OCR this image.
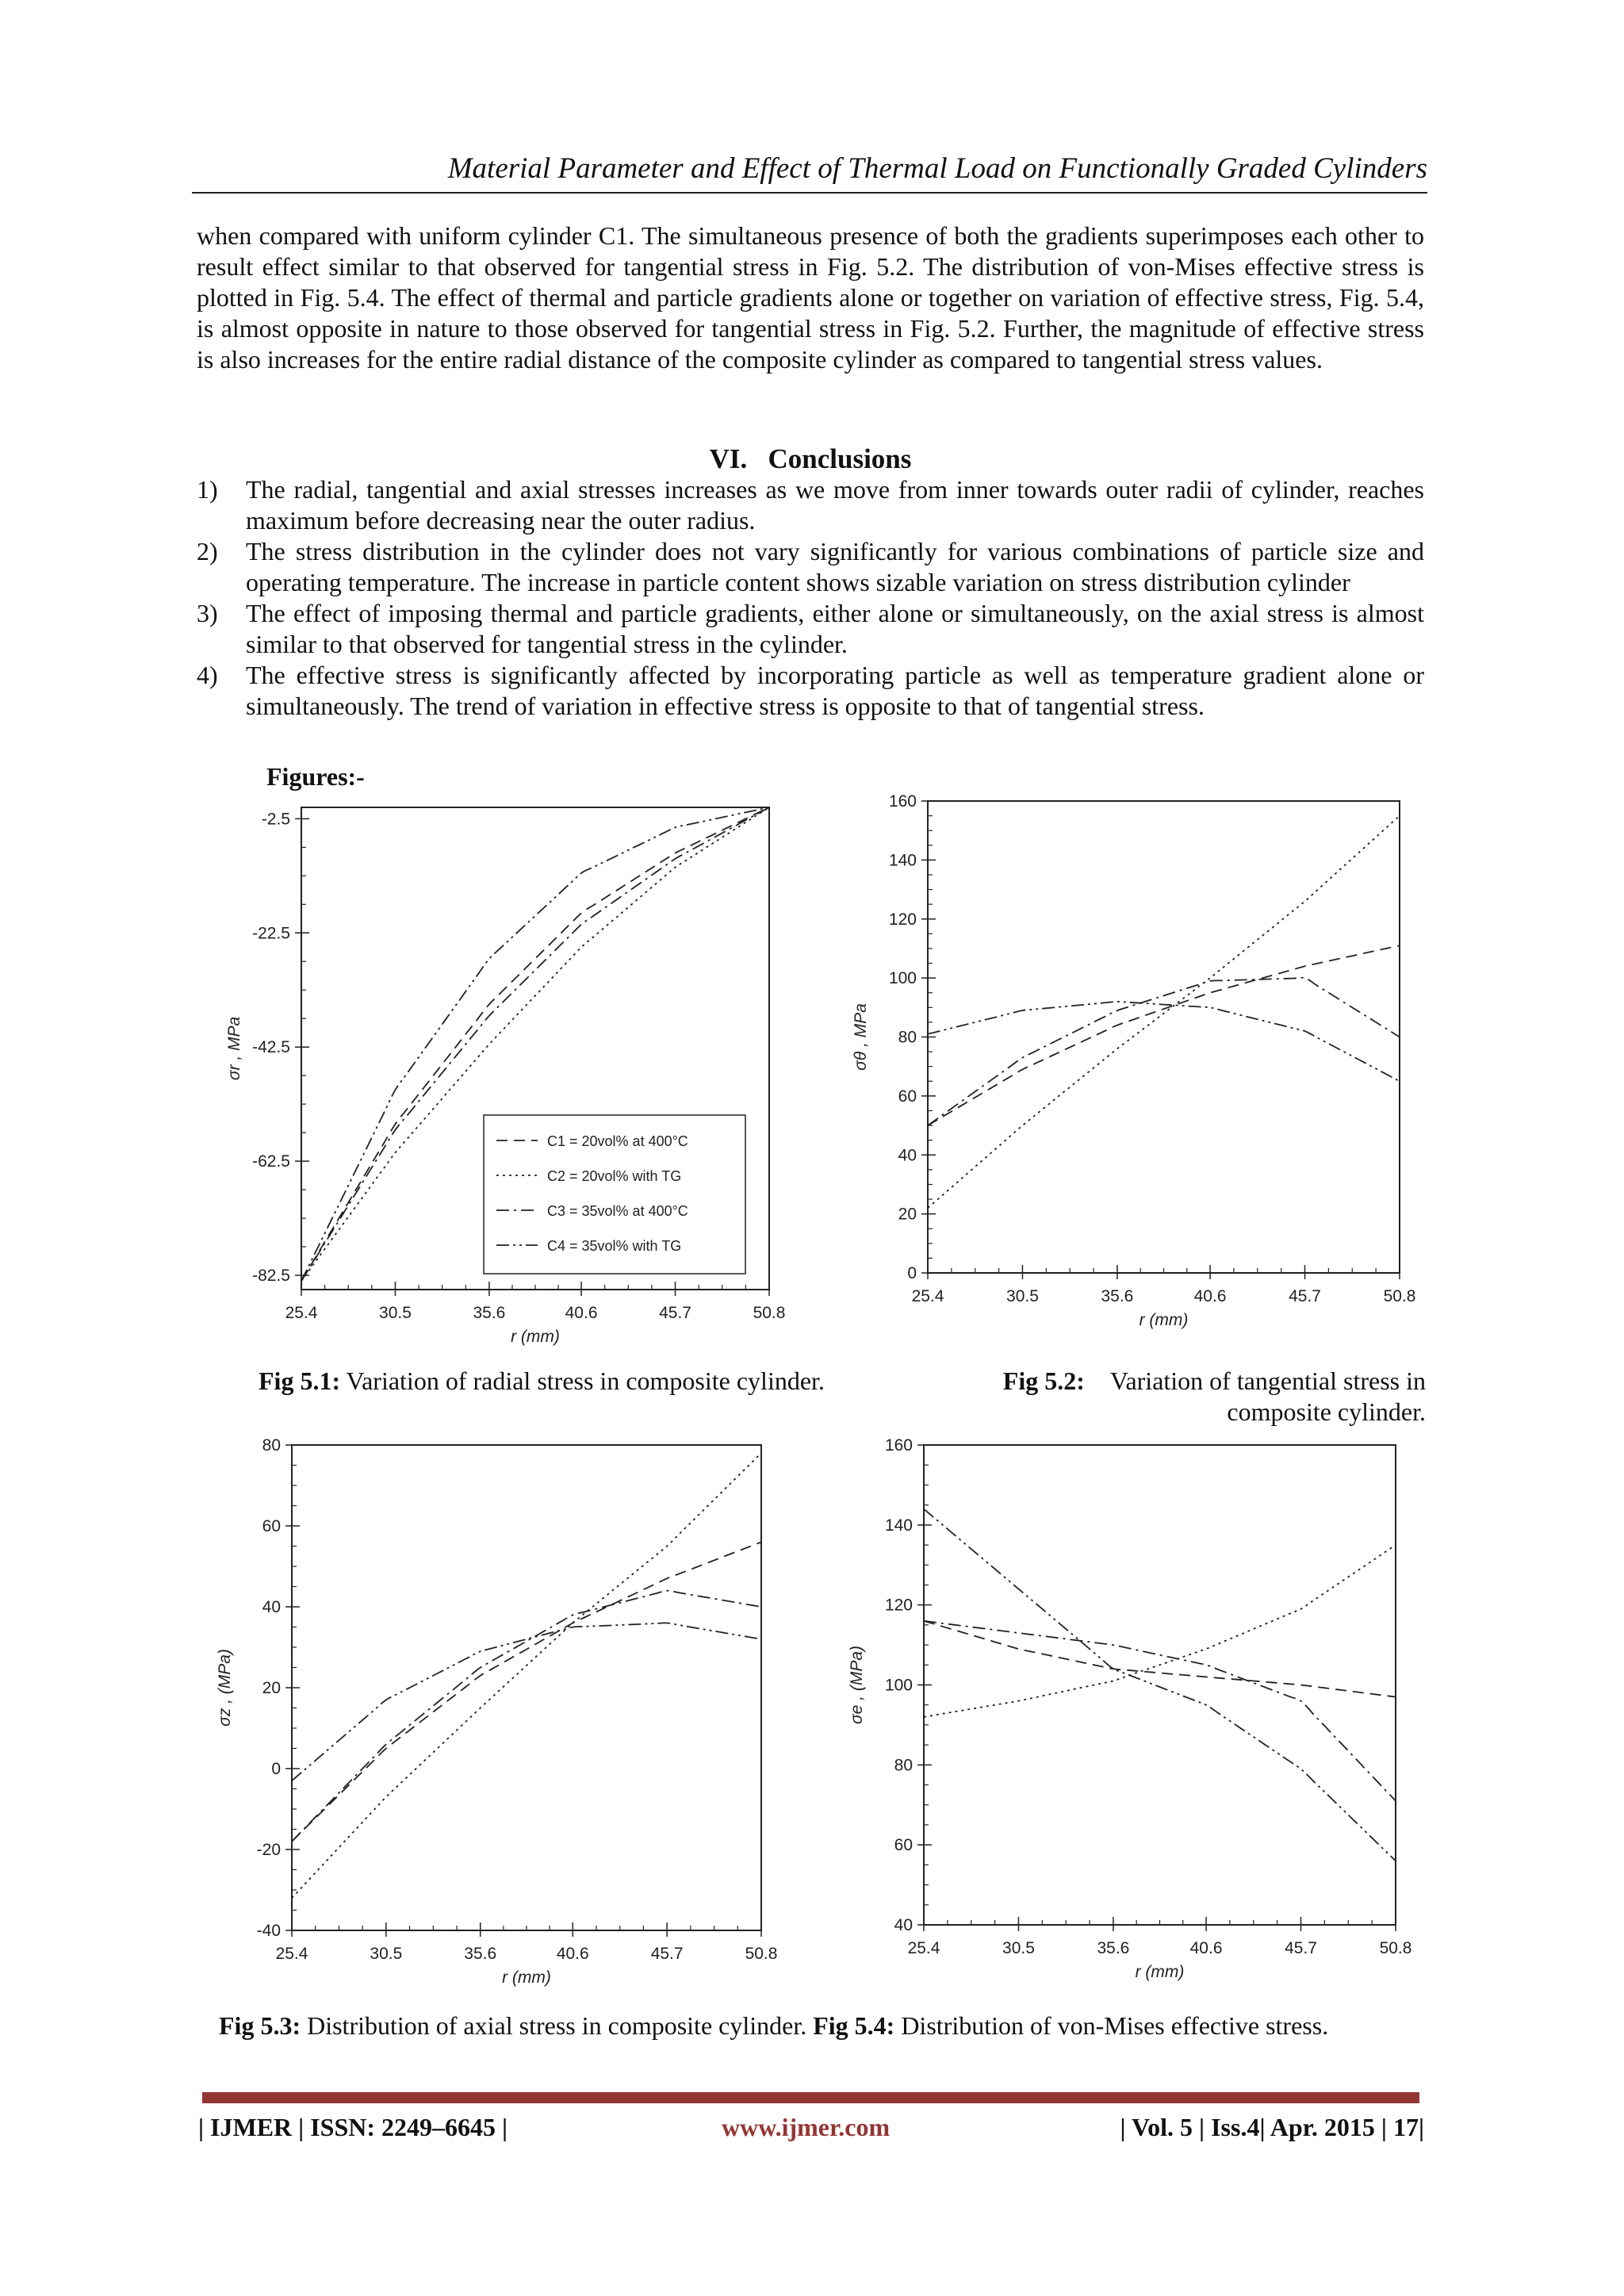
Material Parameter and Effect of Thermal Load on Functionally Graded Cylinders

when compared with uniform cylinder C1. The simultaneous presence of both the gradients superimposes each other to result effect similar to that observed for tangential stress in Fig. 5.2. The distribution of von-Mises effective stress is plotted in Fig. 5.4. The effect of thermal and particle gradients alone or together on variation of effective stress, Fig. 5.4, is almost opposite in nature to those observed for tangential stress in Fig. 5.2. Further, the magnitude of effective stress is also increases for the entire radial distance of the composite cylinder as compared to tangential stress values.

VI. Conclusions
1) The radial, tangential and axial stresses increases as we move from inner towards outer radii of cylinder, reaches maximum before decreasing near the outer radius.
2) The stress distribution in the cylinder does not vary significantly for various combinations of particle size and operating temperature. The increase in particle content shows sizable variation on stress distribution cylinder
3) The effect of imposing thermal and particle gradients, either alone or simultaneously, on the axial stress is almost similar to that observed for tangential stress in the cylinder.
4) The effective stress is significantly affected by incorporating particle as well as temperature gradient alone or simultaneously. The trend of variation in effective stress is opposite to that of tangential stress.
Figures:-
-2.5
-22.5
-42.5
-62.5
-82.5
25.4	30.5	35.6	40.6	45.7	50.8
r (mm)
σr , MPa
C1 = 20vol% at 400°C
C2 = 20vol% with TG
C3 = 35vol% at 400°C
C4 = 35vol% with TG
0
20
40
60
80
100
120
140
160
25.4	30.5	35.6	40.6	45.7	50.8
r (mm)
σθ , MPa
-40
-20
0
20
40
60
80
25.4	30.5	35.6	40.6	45.7	50.8
r (mm)
σz , (MPa)
40
60
80
100
120
140
160
25.4	30.5	35.6	40.6	45.7	50.8
r (mm)
σe , (MPa)
Fig 5.1: Variation of radial stress in composite cylinder.	Fig 5.2: Variation of tangential stress in composite cylinder.
Fig 5.3: Distribution of axial stress in composite cylinder. Fig 5.4: Distribution of von-Mises effective stress.
| IJMER | ISSN: 2249–6645 |	www.ijmer.com	| Vol. 5 | Iss.4| Apr. 2015 | 17|
